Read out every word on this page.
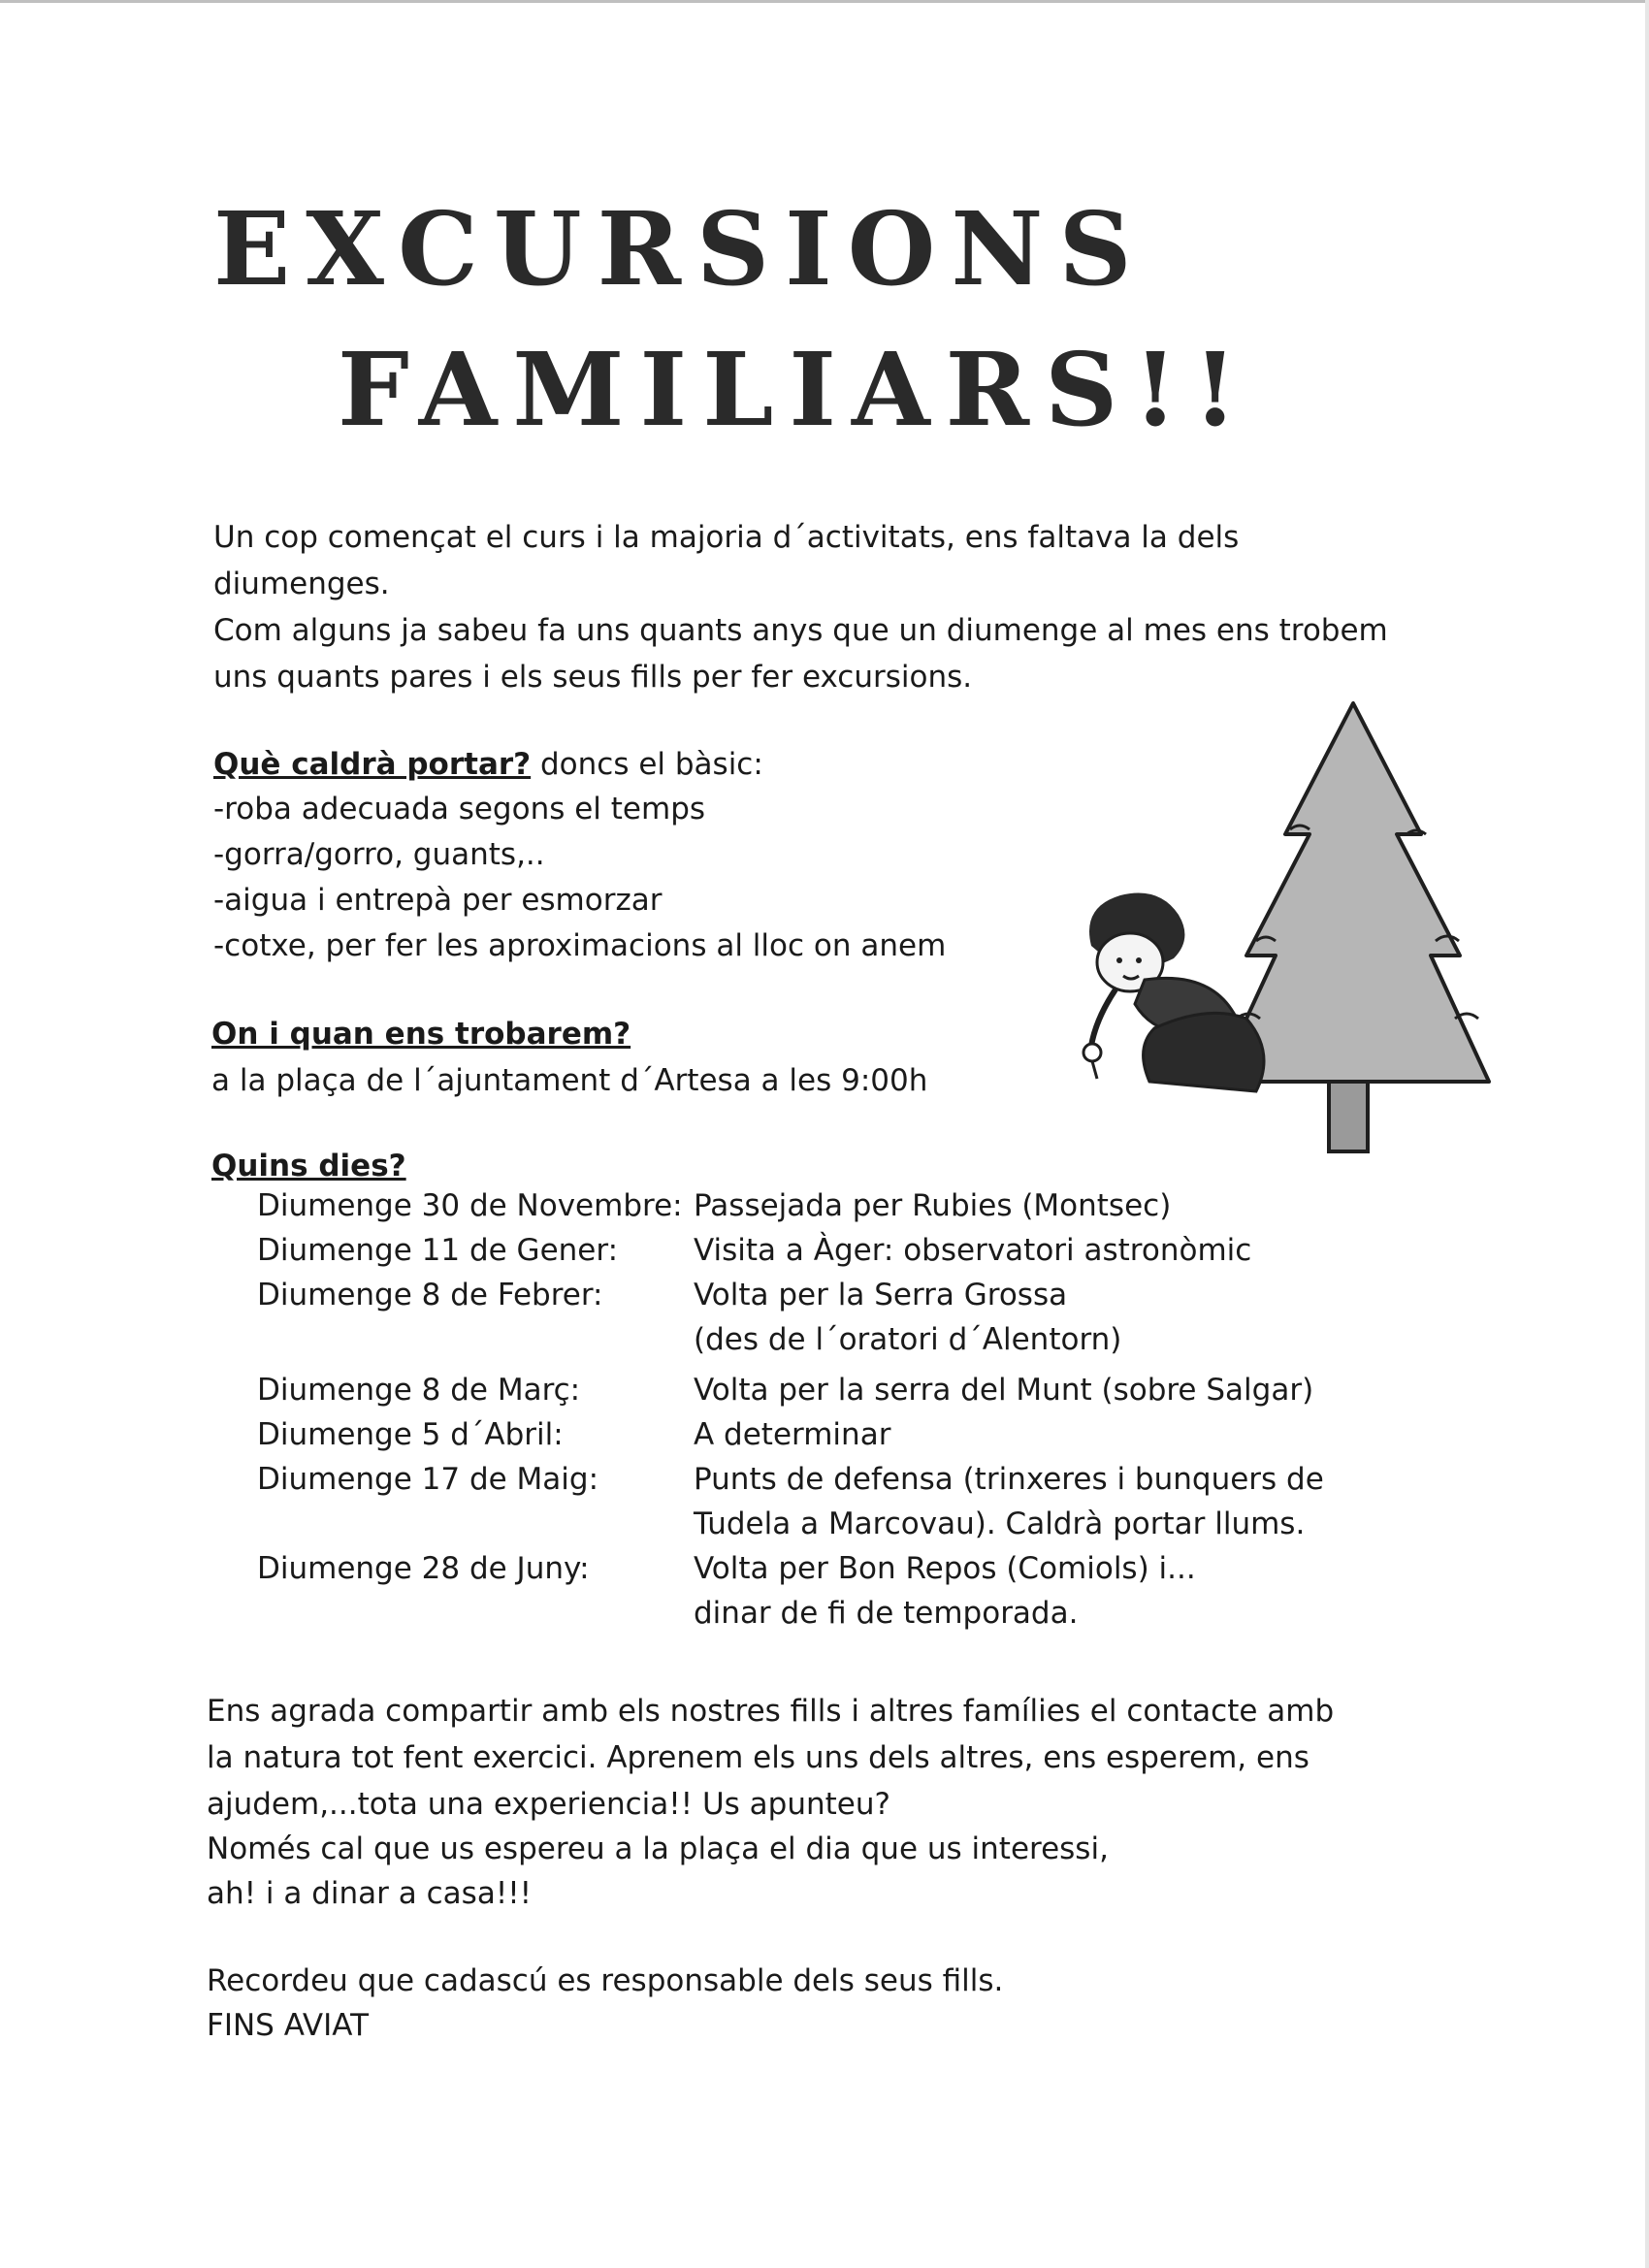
EXCURSIONS
FAMILIARS!!
Un cop començat el curs i la majoria d´activitats, ens faltava la dels
diumenges.
Com alguns ja sabeu fa uns quants anys que un diumenge al mes ens trobem
uns quants pares i els seus fills per fer excursions.
Què caldrà portar? doncs el bàsic:
-roba adecuada segons el temps
-gorra/gorro, guants,..
-aigua i entrepà per esmorzar
-cotxe, per fer les aproximacions al lloc on anem
On i quan ens trobarem?
a la plaça de l´ajuntament d´Artesa a les 9:00h
Quins dies?
Diumenge 30 de Novembre: Passejada per Rubies (Montsec)
Diumenge 11 de Gener:	Visita a Àger: observatori astronòmic
Diumenge 8 de Febrer:	Volta per la Serra Grossa
(des de l´oratori d´Alentorn)
Diumenge 8 de Març:	Volta per la serra del Munt (sobre Salgar)
Diumenge 5 d´Abril:	A determinar
Diumenge 17 de Maig:	Punts de defensa (trinxeres i bunquers de
Tudela a Marcovau). Caldrà portar llums.
Diumenge 28 de Juny:	Volta per Bon Repos (Comiols) i...
dinar de fi de temporada.
Ens agrada compartir amb els nostres fills i altres famílies el contacte amb
la natura tot fent exercici. Aprenem els uns dels altres, ens esperem, ens
ajudem,...tota una experiencia!! Us apunteu?
Només cal que us espereu a la plaça el dia que us interessi,
ah! i a dinar a casa!!!
Recordeu que cadascú es responsable dels seus fills.
FINS AVIAT
